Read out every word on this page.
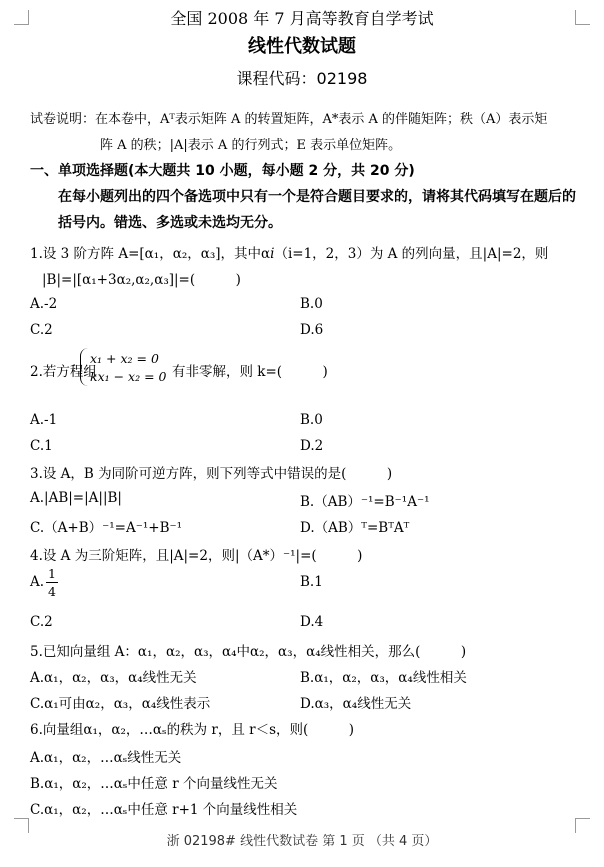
全国 2008 年 7 月高等教育自学考试
线性代数试题
课程代码：02198
试卷说明：在本卷中，Aᵀ表示矩阵 A 的转置矩阵，A*表示 A 的伴随矩阵；秩（A）表示矩
阵 A 的秩；|A|表示 A 的行列式；E 表示单位矩阵。
一、单项选择题(本大题共 10 小题，每小题 2 分，共 20 分)
在每小题列出的四个备选项中只有一个是符合题目要求的，请将其代码填写在题后的
括号内。错选、多选或未选均无分。
1.设 3 阶方阵 A=[α₁，α₂，α₃]，其中α𝑖（i=1，2，3）为 A 的列向量，且|A|=2，则
|B|=|[α₁+3α₂,α₂,α₃]|=(　　　)
A.-2	B.0
C.2	D.6
2.若方程组
x₁ + x₂ = 0
kx₁ − x₂ = 0 有非零解，则 k=(　　　)
A.-1	B.0
C.1	D.2
3.设 A，B 为同阶可逆方阵，则下列等式中错误的是(　　　)
A.|AB|=|A||B|	B.（AB）⁻¹=B⁻¹A⁻¹
C.（A+B）⁻¹=A⁻¹+B⁻¹	D.（AB）ᵀ=BᵀAᵀ
4.设 A 为三阶矩阵，且|A|=2，则|（A*）⁻¹|=(　　　)
A.
1
4
B.1
C.2	D.4
5.已知向量组 A：α₁，α₂，α₃，α₄中α₂，α₃，α₄线性相关，那么(　　　)
A.α₁，α₂，α₃，α₄线性无关	B.α₁，α₂，α₃，α₄线性相关
C.α₁可由α₂，α₃，α₄线性表示	D.α₃，α₄线性无关
6.向量组α₁，α₂，…αₛ的秩为 r，且 r＜s，则(　　　)
A.α₁，α₂，…αₛ线性无关
B.α₁，α₂，…αₛ中任意 r 个向量线性无关
C.α₁，α₂，…αₛ中任意 r+1 个向量线性相关
浙 02198# 线性代数试卷 第 1 页 （共 4 页）
